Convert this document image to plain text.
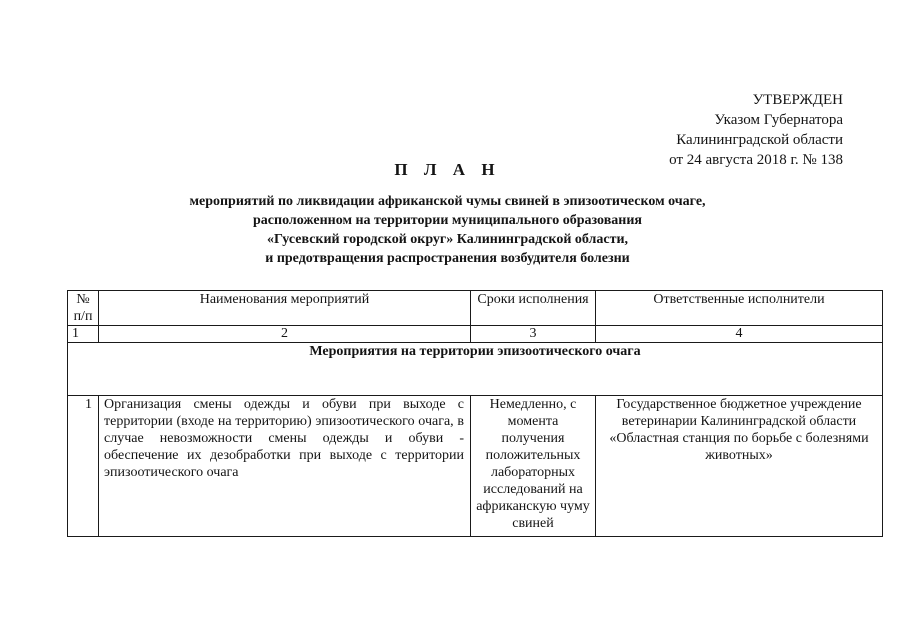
УТВЕРЖДЕН
Указом Губернатора
Калининградской области
от 24 августа 2018 г. № 138
П Л А Н
мероприятий по ликвидации африканской чумы свиней в эпизоотическом очаге,
расположенном на территории муниципального образования
«Гусевский городской округ» Калининградской области,
и предотвращения распространения возбудителя болезни
№ п/п	Наименования мероприятий	Сроки исполнения	Ответственные исполнители
1	2	3	4
Мероприятия на территории эпизоотического очага			
1	Организация смены одежды и обуви при выходе с территории (входе на территорию) эпизоотического очага, в случае невозможности смены одежды и обуви - обеспечение их дезобработки при выходе с территории эпизоотического очага	Немедленно, с момента получения положительных лабораторных исследований на африканскую чуму свиней	Государственное бюджетное учреждение ветеринарии Калининградской области «Областная станция по борьбе с болезнями животных»
